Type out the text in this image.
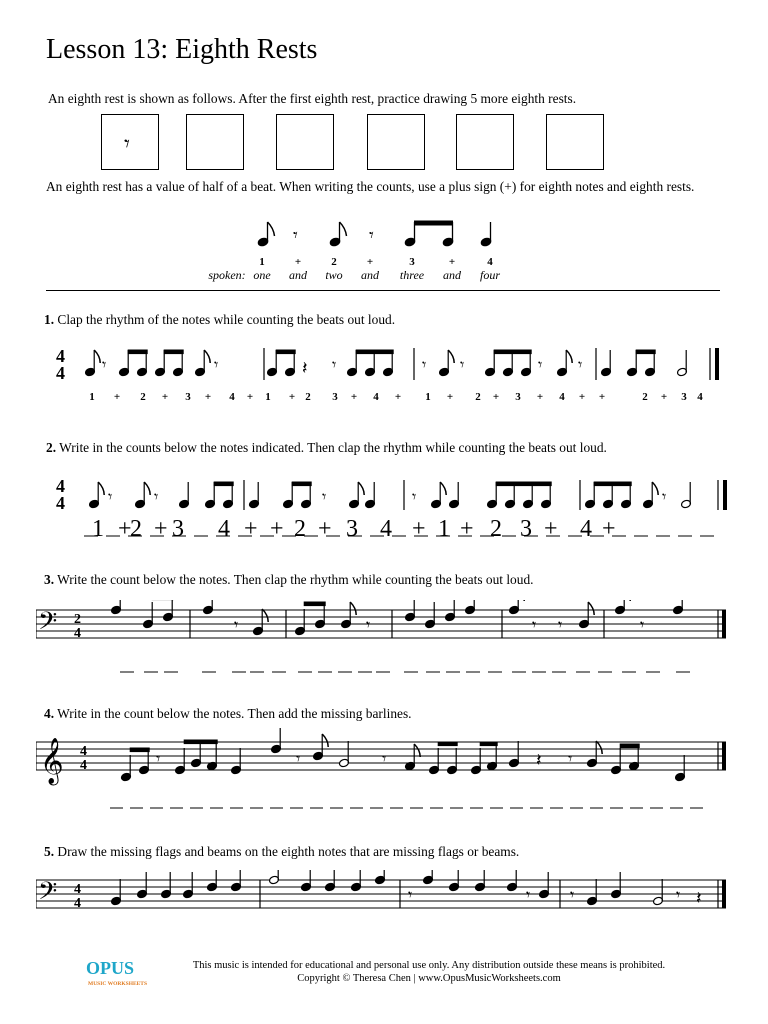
Lesson 13: Eighth Rests
An eighth rest is shown as follows. After the first eighth rest, practice drawing 5 more eighth rests.
𝄾
An eighth rest has a value of half of a beat. When writing the counts, use a plus sign (+) for eighth notes and eighth rests.
𝄾	𝄾
1	+	2	+	3	+	4
spoken: one and two and three and four
1. Clap the rhythm of the notes while counting the beats out loud.
4
4 𝄾	𝄾	𝄽 𝄾	𝄾 𝄾	𝄾 𝄾
1 + 2 + 3 + 4 + 1 + 2 3 + 4 + 1 + 2 + 3 + 4 + +	2 + 3 4
2. Write in the counts below the notes indicated. Then clap the rhythm while counting the beats out loud.
4
4	𝄾	𝄾	𝄾	𝄾	𝄾
1 +
2 + 3 4 + + 2 + 3 4 + 1 + 2 3 + 4 +
3. Write the count below the notes. Then clap the rhythm while counting the beats out loud.
𝄢 2
4	𝄾	𝄾	𝄾 𝄾	𝄾
4. Write in the count below the notes. Then add the missing barlines.
𝄞 4
4	𝄾	𝄾	𝄾	𝄽 𝄾
5. Draw the missing flags and beams on the eighth notes that are missing flags or beams.
𝄢 4
4	𝄾	𝄾 𝄾	𝄾 𝄽
OPUS
MUSIC WORKSHEETS
This music is intended for educational and personal use only. Any distribution outside these means is prohibited.
Copyright © Theresa Chen | www.OpusMusicWorksheets.com
